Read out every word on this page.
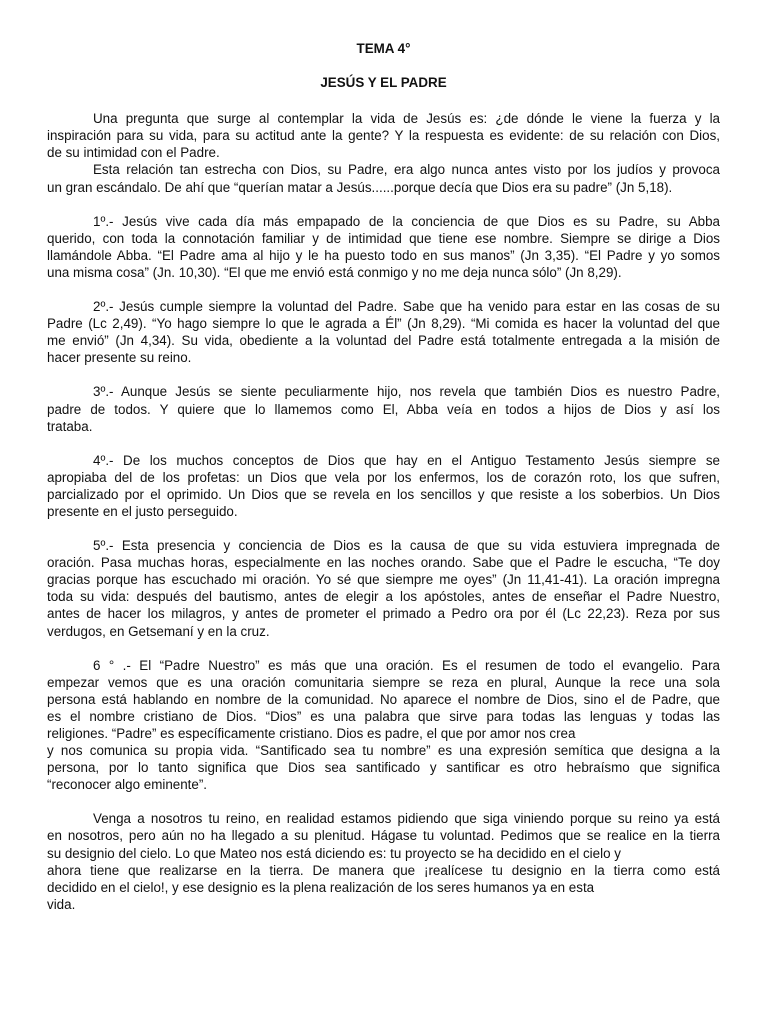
TEMA 4°

JESÚS Y EL PADRE

Una pregunta que surge al contemplar la vida de Jesús es: ¿de dónde le viene la fuerza y la
inspiración para su vida, para su actitud ante la gente? Y la respuesta es evidente: de su relación con Dios,
de su intimidad con el Padre.
Esta relación tan estrecha con Dios, su Padre, era algo nunca antes visto por los judíos y provoca
un gran escándalo. De ahí que “querían matar a Jesús......porque decía que Dios era su padre” (Jn 5,18).
1º.- Jesús vive cada día más empapado de la conciencia de que Dios es su Padre, su Abba
querido, con toda la connotación familiar y de intimidad que tiene ese nombre. Siempre se dirige a Dios
llamándole Abba. “El Padre ama al hijo y le ha puesto todo en sus manos” (Jn 3,35). “El Padre y yo somos
una misma cosa” (Jn. 10,30). “El que me envió está conmigo y no me deja nunca sólo” (Jn 8,29).
2º.- Jesús cumple siempre la voluntad del Padre. Sabe que ha venido para estar en las cosas de su
Padre (Lc 2,49). “Yo hago siempre lo que le agrada a Él” (Jn 8,29). “Mi comida es hacer la voluntad del que
me envió” (Jn 4,34). Su vida, obediente a la voluntad del Padre está totalmente entregada a la misión de
hacer presente su reino.
3º.- Aunque Jesús se siente peculiarmente hijo, nos revela que también Dios es nuestro Padre,
padre de todos. Y quiere que lo llamemos como El, Abba veía en todos a hijos de Dios y así los
trataba.
4º.- De los muchos conceptos de Dios que hay en el Antiguo Testamento Jesús siempre se
apropiaba del de los profetas: un Dios que vela por los enfermos, los de corazón roto, los que sufren,
parcializado por el oprimido. Un Dios que se revela en los sencillos y que resiste a los soberbios. Un Dios
presente en el justo perseguido.
5º.- Esta presencia y conciencia de Dios es la causa de que su vida estuviera impregnada de
oración. Pasa muchas horas, especialmente en las noches orando. Sabe que el Padre le escucha, “Te doy
gracias porque has escuchado mi oración. Yo sé que siempre me oyes” (Jn 11,41-41). La oración impregna
toda su vida: después del bautismo, antes de elegir a los apóstoles, antes de enseñar el Padre Nuestro,
antes de hacer los milagros, y antes de prometer el primado a Pedro ora por él (Lc 22,23). Reza por sus
verdugos, en Getsemaní y en la cruz.
6 ° .- El “Padre Nuestro” es más que una oración. Es el resumen de todo el evangelio. Para
empezar vemos que es una oración comunitaria siempre se reza en plural, Aunque la rece una sola
persona está hablando en nombre de la comunidad. No aparece el nombre de Dios, sino el de Padre, que
es el nombre cristiano de Dios. “Dios” es una palabra que sirve para todas las lenguas y todas las
religiones. “Padre” es específicamente cristiano. Dios es padre, el que por amor nos crea
y nos comunica su propia vida. “Santificado sea tu nombre” es una expresión semítica que designa a la
persona, por lo tanto significa que Dios sea santificado y santificar es otro hebraísmo que significa
“reconocer algo eminente”.
Venga a nosotros tu reino, en realidad estamos pidiendo que siga viniendo porque su reino ya está
en nosotros, pero aún no ha llegado a su plenitud. Hágase tu voluntad. Pedimos que se realice en la tierra
su designio del cielo. Lo que Mateo nos está diciendo es: tu proyecto se ha decidido en el cielo y
ahora tiene que realizarse en la tierra. De manera que ¡realícese tu designio en la tierra como está
decidido en el cielo!, y ese designio es la plena realización de los seres humanos ya en esta
vida.
